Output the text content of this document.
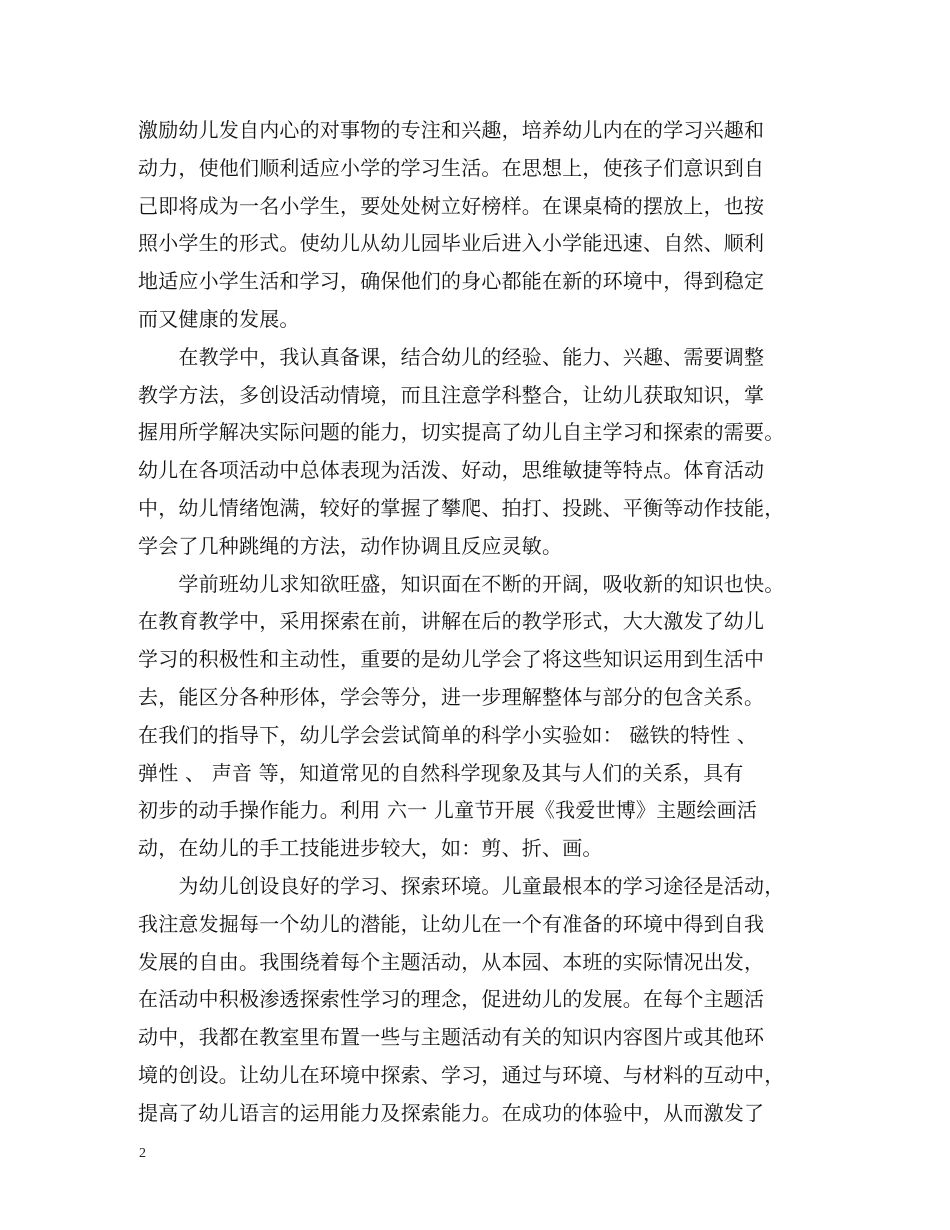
激励幼儿发自内心的对事物的专注和兴趣，培养幼儿内在的学习兴趣和
动力，使他们顺利适应小学的学习生活。在思想上，使孩子们意识到自
己即将成为一名小学生，要处处树立好榜样。在课桌椅的摆放上，也按
照小学生的形式。使幼儿从幼儿园毕业后进入小学能迅速、自然、顺利
地适应小学生活和学习，确保他们的身心都能在新的环境中，得到稳定
而又健康的发展。
　　在教学中，我认真备课，结合幼儿的经验、能力、兴趣、需要调整
教学方法，多创设活动情境，而且注意学科整合，让幼儿获取知识，掌
握用所学解决实际问题的能力，切实提高了幼儿自主学习和探索的需要。
幼儿在各项活动中总体表现为活泼、好动，思维敏捷等特点。体育活动
中，幼儿情绪饱满，较好的掌握了攀爬、拍打、投跳、平衡等动作技能，
学会了几种跳绳的方法，动作协调且反应灵敏。
　　学前班幼儿求知欲旺盛，知识面在不断的开阔，吸收新的知识也快。
在教育教学中，采用探索在前，讲解在后的教学形式，大大激发了幼儿
学习的积极性和主动性，重要的是幼儿学会了将这些知识运用到生活中
去，能区分各种形体，学会等分，进一步理解整体与部分的包含关系。
在我们的指导下，幼儿学会尝试简单的科学小实验如： 磁铁的特性 、
弹性 、 声音 等，知道常见的自然科学现象及其与人们的关系，具有
初步的动手操作能力。利用 六一 儿童节开展《我爱世博》主题绘画活
动，在幼儿的手工技能进步较大，如：剪、折、画。
　　为幼儿创设良好的学习、探索环境。儿童最根本的学习途径是活动，
我注意发掘每一个幼儿的潜能，让幼儿在一个有准备的环境中得到自我
发展的自由。我围绕着每个主题活动，从本园、本班的实际情况出发，
在活动中积极渗透探索性学习的理念，促进幼儿的发展。在每个主题活
动中，我都在教室里布置一些与主题活动有关的知识内容图片或其他环
境的创设。让幼儿在环境中探索、学习，通过与环境、与材料的互动中，
提高了幼儿语言的运用能力及探索能力。在成功的体验中，从而激发了
2
